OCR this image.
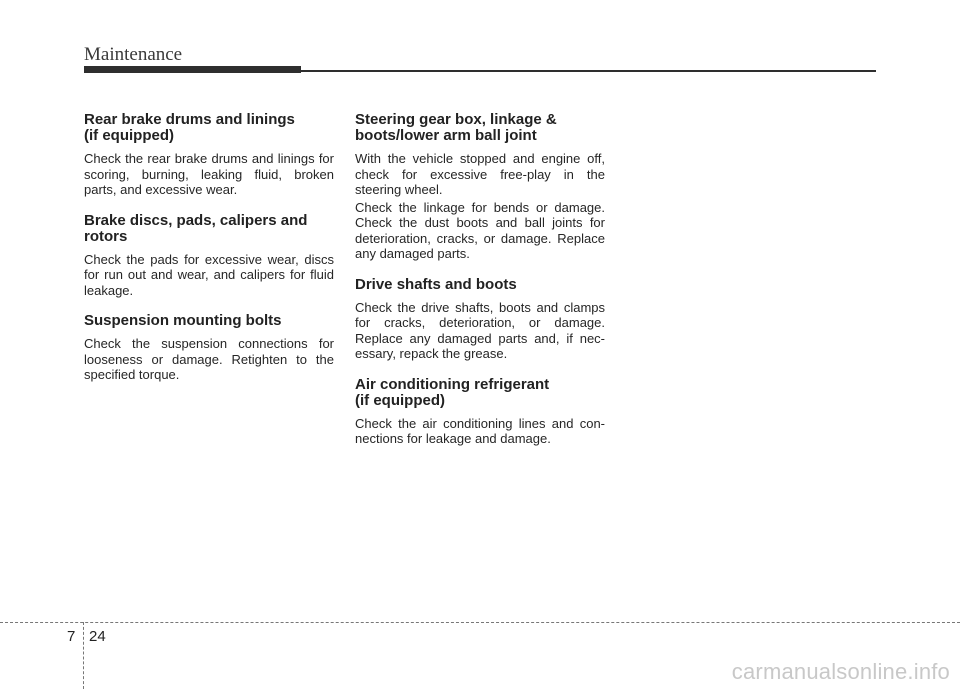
Maintenance
Rear brake drums and linings
(if equipped)

Check the rear brake drums and linings for scoring, burning, leaking fluid, broken parts, and excessive wear.

Brake discs, pads, calipers and
rotors

Check the pads for excessive wear, discs for run out and wear, and calipers for fluid leakage.

Suspension mounting bolts

Check the suspension connections for looseness or damage. Retighten to the specified torque.

Steering gear box, linkage &
boots/lower arm ball joint

With the vehicle stopped and engine off, check for excessive free-play in the steering wheel.

Check the linkage for bends or damage. Check the dust boots and ball joints for deterioration, cracks, or damage. Replace any damaged parts.

Drive shafts and boots

Check the drive shafts, boots and clamps for cracks, deterioration, or damage. Replace any damaged parts and, if nec-essary, repack the grease.

Air conditioning refrigerant
(if equipped)

Check the air conditioning lines and con-nections for leakage and damage.

7 24
carmanualsonline.info
